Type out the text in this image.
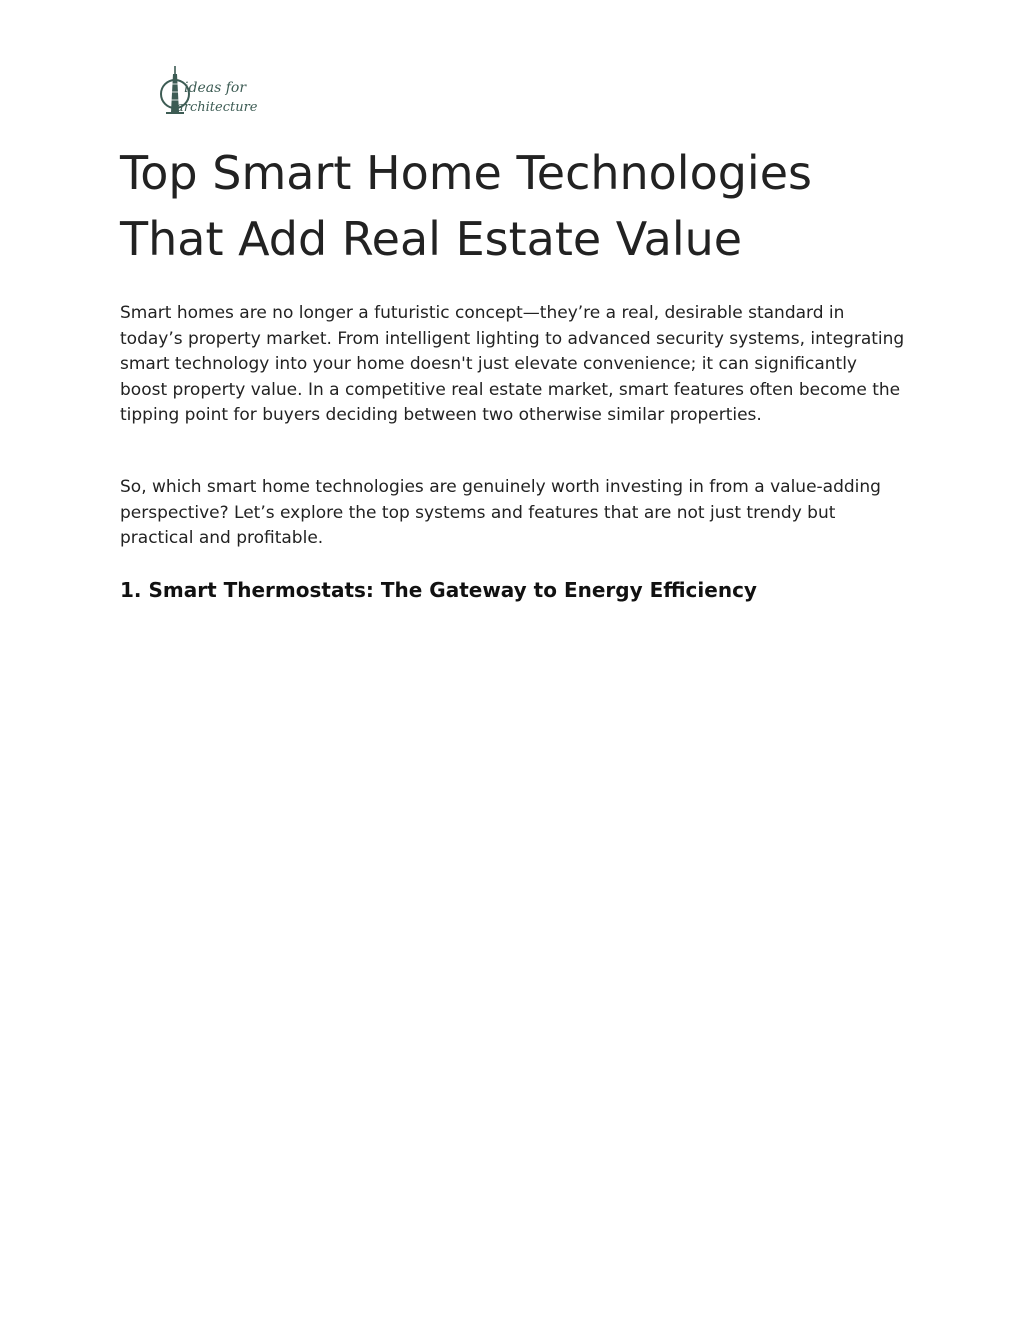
ideas for
architecture
Top Smart Home Technologies That Add Real Estate Value

Smart homes are no longer a futuristic concept—they’re a real, desirable standard in today’s property market. From intelligent lighting to advanced security systems, integrating smart technology into your home doesn't just elevate convenience; it can significantly boost property value. In a competitive real estate market, smart features often become the tipping point for buyers deciding between two otherwise similar properties.

So, which smart home technologies are genuinely worth investing in from a value-adding perspective? Let’s explore the top systems and features that are not just trendy but practical and profitable.

1. Smart Thermostats: The Gateway to Energy Efficiency
